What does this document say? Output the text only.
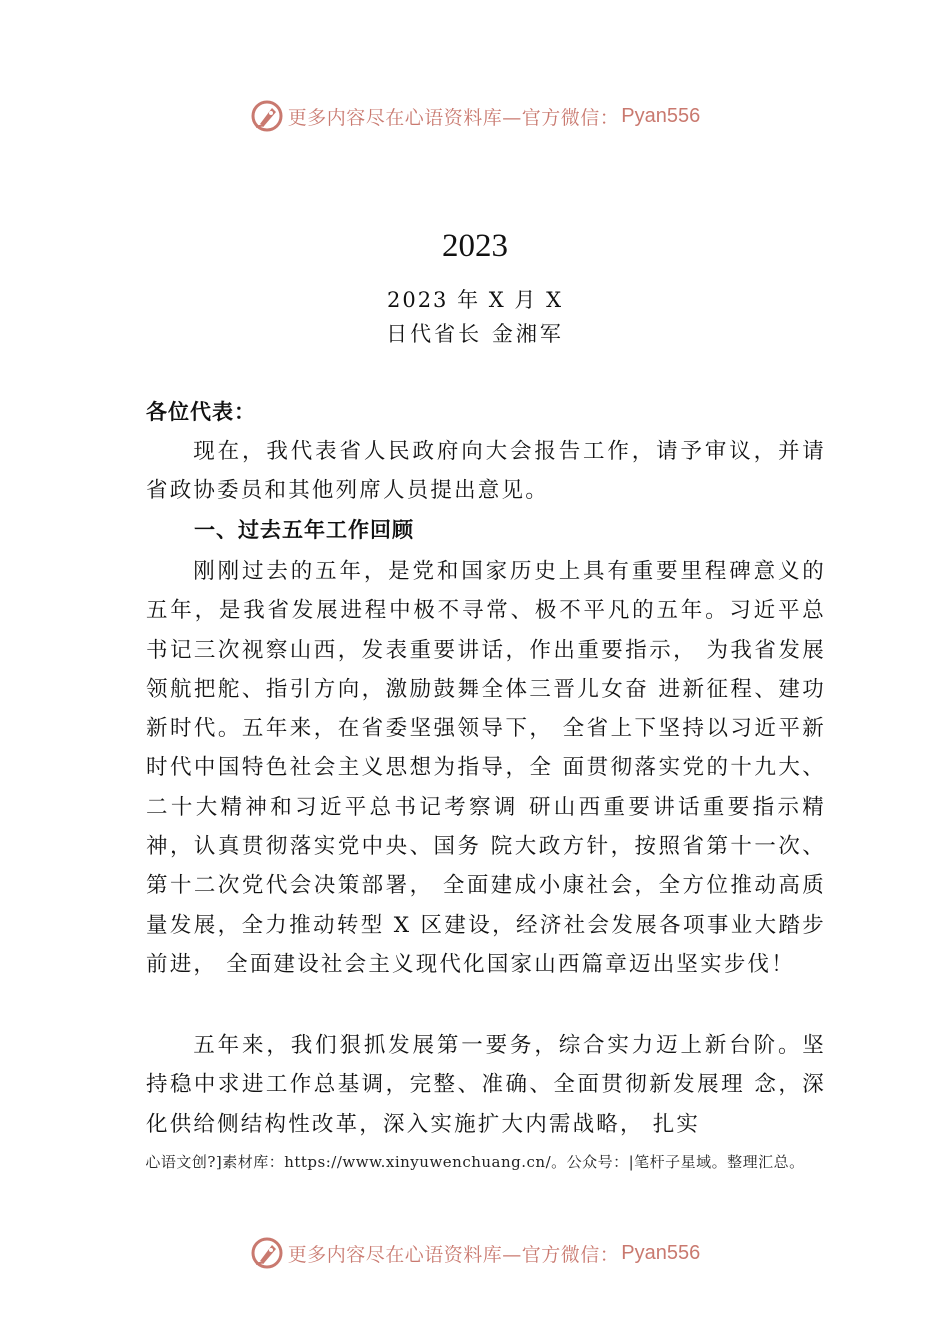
更多内容尽在心语资料库—官方微信： Pyan556
2023
2023 年 X 月 X
日代省长 金湘军
各位代表：

现在，我代表省人民政府向大会报告工作，请予审议，并请省政协委员和其他列席人员提出意见。

一、过去五年工作回顾

刚刚过去的五年，是党和国家历史上具有重要里程碑意义的五年，是我省发展进程中极不寻常、极不平凡的五年。习近平总书记三次视察山西，发表重要讲话，作出重要指示， 为我省发展领航把舵、指引方向，激励鼓舞全体三晋儿女奋 进新征程、建功新时代。五年来，在省委坚强领导下， 全省上下坚持以习近平新时代中国特色社会主义思想为指导，全 面贯彻落实党的十九大、二十大精神和习近平总书记考察调 研山西重要讲话重要指示精神，认真贯彻落实党中央、国务 院大政方针，按照省第十一次、第十二次党代会决策部署， 全面建成小康社会，全方位推动高质量发展，全力推动转型 X 区建设，经济社会发展各项事业大踏步前进， 全面建设社会主义现代化国家山西篇章迈出坚实步伐！

五年来，我们狠抓发展第一要务，综合实力迈上新台阶。坚持稳中求进工作总基调，完整、准确、全面贯彻新发展理 念，深化供给侧结构性改革，深入实施扩大内需战略， 扎实

心语文创?]素材库：https://www.xinyuwenchuang.cn/。公众号：|笔杆子星域。整理汇总。
更多内容尽在心语资料库—官方微信： Pyan556
